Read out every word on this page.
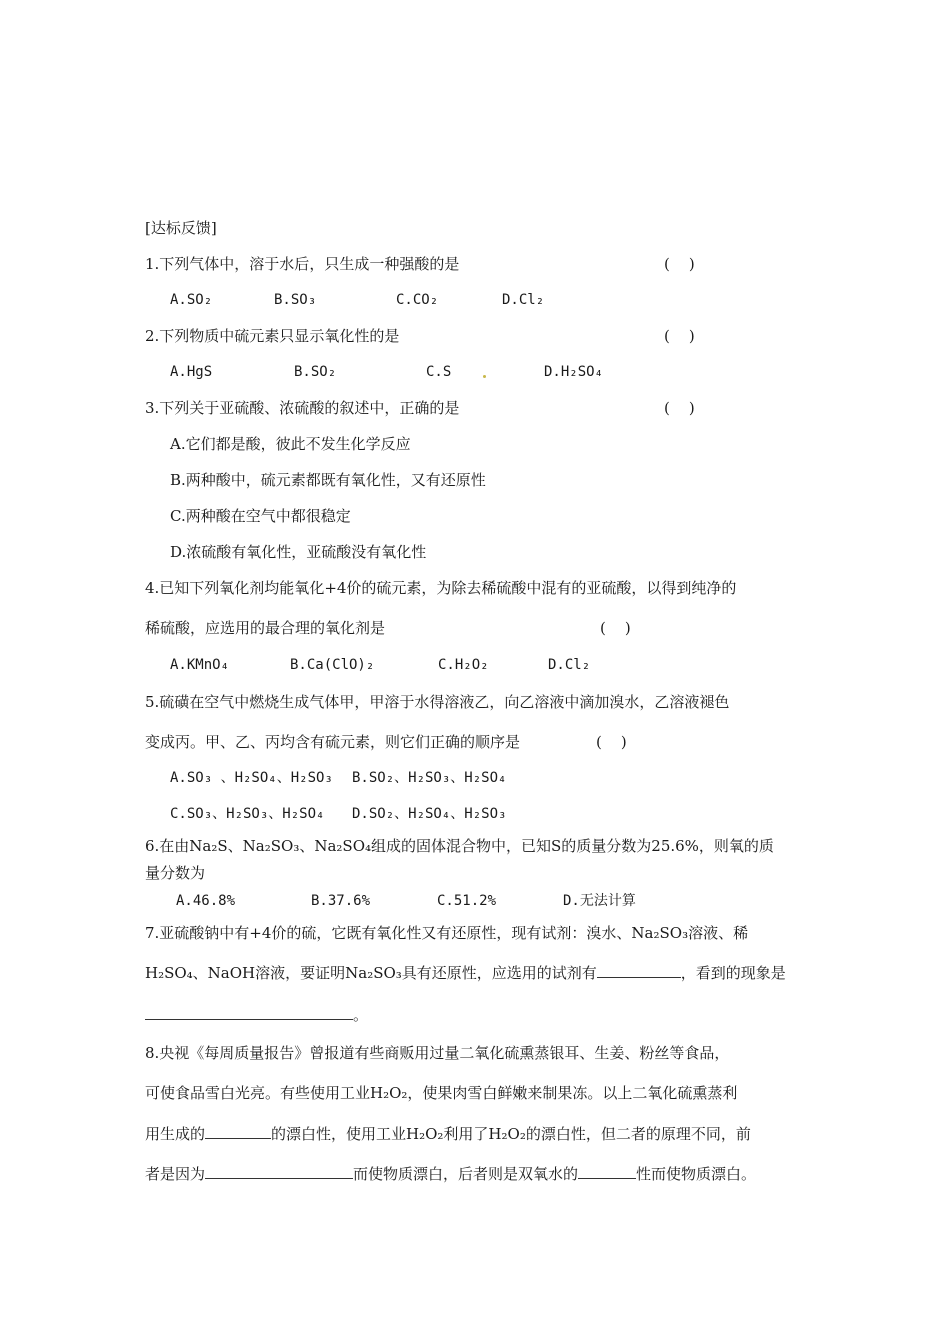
[达标反馈]
1.下列气体中，溶于水后，只生成一种强酸的是	(    )
A.SO₂	B.SO₃	C.CO₂	D.Cl₂
2.下列物质中硫元素只显示氧化性的是	(    )
A.HgS	B.SO₂	C.S	D.H₂SO₄
3.下列关于亚硫酸、浓硫酸的叙述中，正确的是	(    )
A.它们都是酸，彼此不发生化学反应
B.两种酸中，硫元素都既有氧化性，又有还原性
C.两种酸在空气中都很稳定
D.浓硫酸有氧化性，亚硫酸没有氧化性
4.已知下列氧化剂均能氧化+4价的硫元素，为除去稀硫酸中混有的亚硫酸，以得到纯净的
稀硫酸，应选用的最合理的氧化剂是	(    )
A.KMnO₄	B.Ca(ClO)₂	C.H₂O₂	D.Cl₂
5.硫磺在空气中燃烧生成气体甲，甲溶于水得溶液乙，向乙溶液中滴加溴水，乙溶液褪色
变成丙。甲、乙、丙均含有硫元素，则它们正确的顺序是	(    )
A.SO₃ 、H₂SO₄、H₂SO₃ B.SO₂、H₂SO₃、H₂SO₄
C.SO₃、H₂SO₃、H₂SO₄ D.SO₂、H₂SO₄、H₂SO₃
6.在由Na₂S、Na₂SO₃、Na₂SO₄组成的固体混合物中，已知S的质量分数为25.6%，则氧的质
量分数为
A.46.8%	B.37.6%	C.51.2%	D.无法计算
7.亚硫酸钠中有+4价的硫，它既有氧化性又有还原性，现有试剂：溴水、Na₂SO₃溶液、稀
H₂SO₄、NaOH溶液，要证明Na₂SO₃具有还原性，应选用的试剂有	，看到的现象是
。
8.央视《每周质量报告》曾报道有些商贩用过量二氧化硫熏蒸银耳、生姜、粉丝等食品，
可使食品雪白光亮。有些使用工业H₂O₂，使果肉雪白鲜嫩来制果冻。以上二氧化硫熏蒸利
用生成的	的漂白性，使用工业H₂O₂利用了H₂O₂的漂白性，但二者的原理不同，前
者是因为	而使物质漂白，后者则是双氧水的	性而使物质漂白。
